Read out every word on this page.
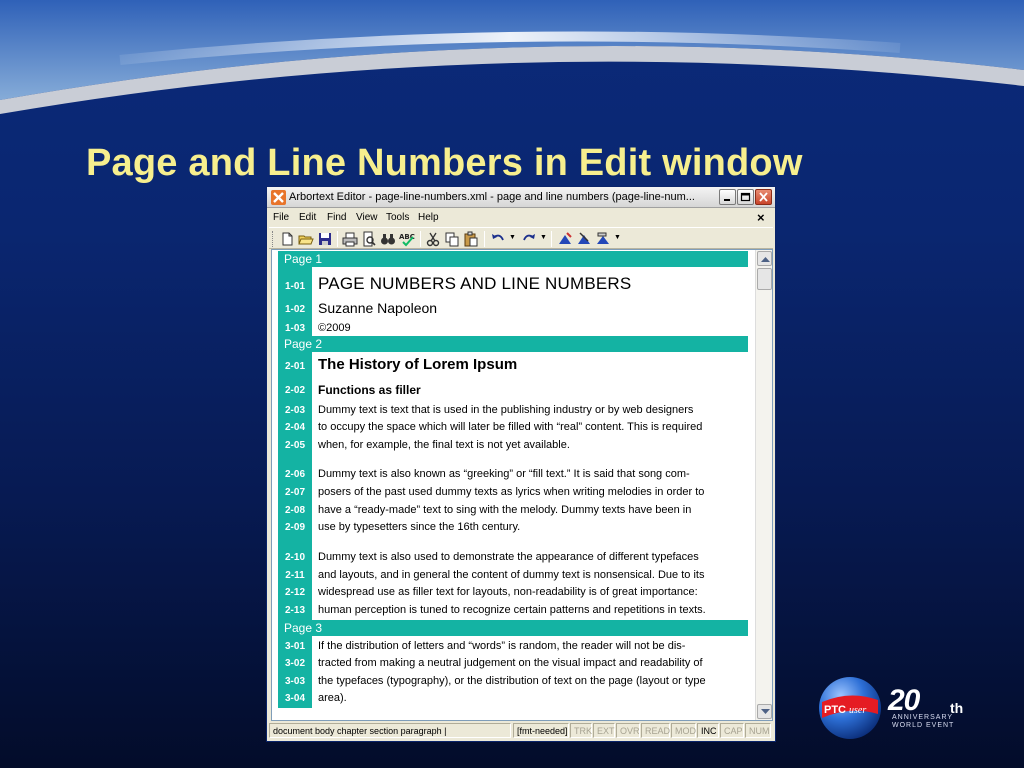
Page and Line Numbers in Edit window
Arbortext Editor - page-line-numbers.xml - page and line numbers (page-line-num...
File Edit Find View Tools Help	×
ABC	▼	▼	▼
Page 1
1-01 PAGE NUMBERS AND LINE NUMBERS
1-02 Suzanne Napoleon
1-03	©2009
Page 2
2-01 The History of Lorem Ipsum
2-02	Functions as filler
2-03	Dummy text is text that is used in the publishing industry or by web designers
2-04	to occupy the space which will later be filled with “real” content. This is required
2-05	when, for example, the final text is not yet available.
2-06	Dummy text is also known as “greeking” or “fill text.” It is said that song com-
2-07	posers of the past used dummy texts as lyrics when writing melodies in order to
2-08	have a “ready-made” text to sing with the melody. Dummy texts have been in
2-09	use by typesetters since the 16th century.
2-10	Dummy text is also used to demonstrate the appearance of different typefaces
2-11	and layouts, and in general the content of dummy text is nonsensical. Due to its
2-12	widespread use as filler text for layouts, non-readability is of great importance:
2-13	human perception is tuned to recognize certain patterns and repetitions in texts.
Page 3
3-01	If the distribution of letters and “words” is random, the reader will not be dis-
3-02	tracted from making a neutral judgement on the visual impact and readability of
3-03	the typefaces (typography), or the distribution of text on the page (layout or type
3-04	area).
document body chapter section paragraph |	[fmt-needed] TRK EXT OVR READ MOD INC CAP NUM
PTC user 20 th
ANNIVERSARY
WORLD EVENT
